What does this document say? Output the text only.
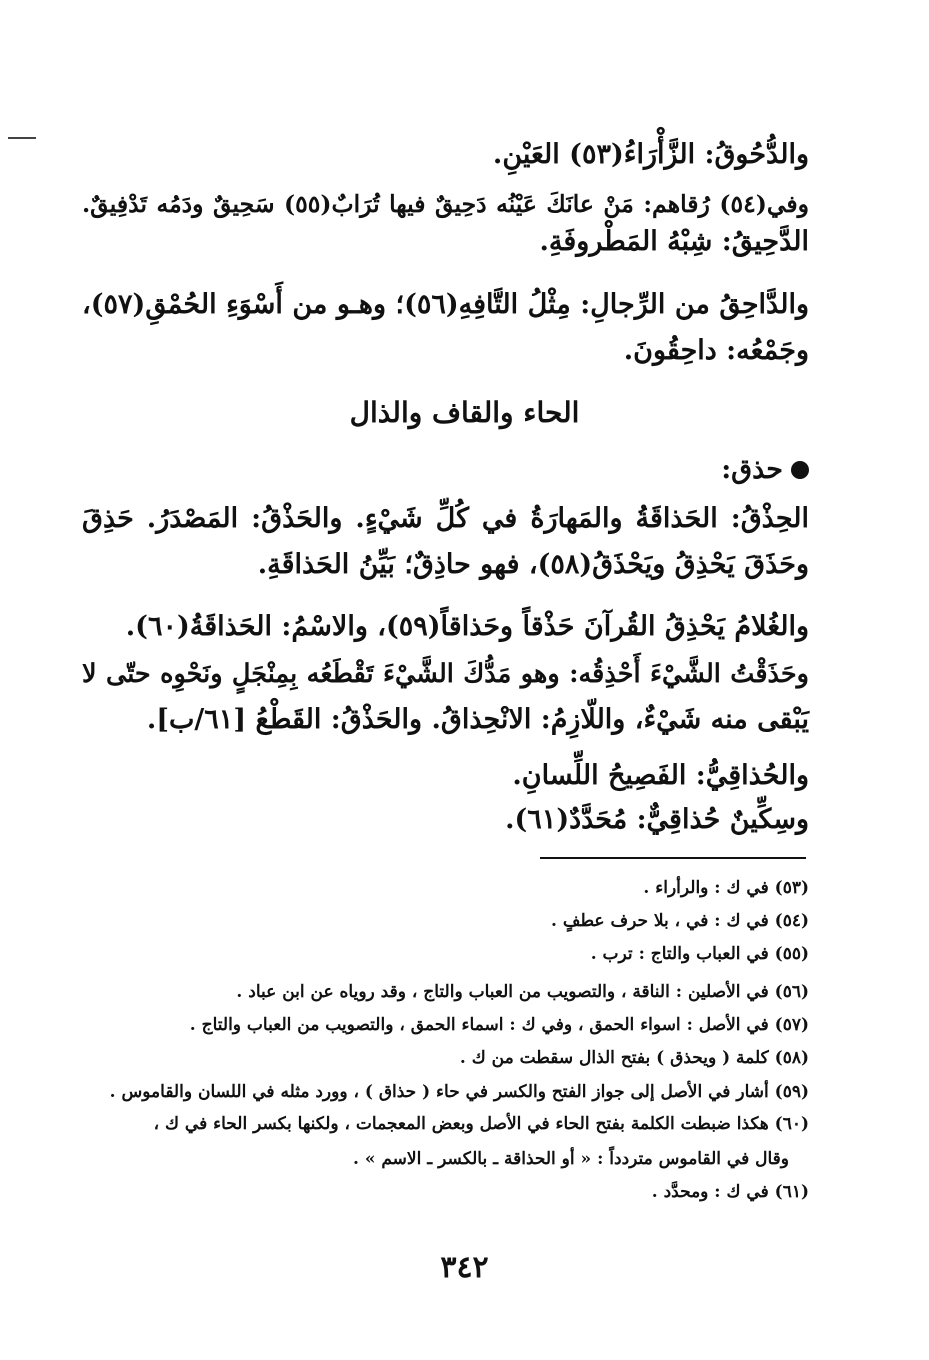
والدُّحُوقُ: الزَّأْرَاءُ(٥٣) العَيْنِ.
وفي(٥٤) رُقاهم: مَنْ عانَكَ عَيْنُه دَحِيقٌ فيها تُرَابٌ(٥٥) سَحِيقٌ ودَمُه تَدْفِيقٌ.
الدَّحِيقُ: شِبْهُ المَطْروفَةِ.
والدَّاحِقُ من الرِّجالِ: مِثْلُ التَّافِهِ(٥٦)؛ وهـو من أَسْوَءِ الحُمْقِ(٥٧)،
وجَمْعُه: داحِقُونَ.
الحاء والقاف والذال
حذق:
الحِذْقُ: الحَذاقَةُ والمَهارَةُ في كُلِّ شَيْءٍ. والحَذْقُ: المَصْدَرُ. حَذِقَ
وحَذَقَ يَحْذِقُ ويَحْذَقُ(٥٨)، فهو حاذِقٌ؛ بَيِّنُ الحَذاقَةِ.
والغُلامُ يَحْذِقُ القُرآنَ حَذْقاً وحَذاقاً(٥٩)، والاسْمُ: الحَذاقَةُ(٦٠).
وحَذَقْتُ الشَّيْءَ أَحْذِقُه: وهو مَدُّكَ الشَّيْءَ تَقْطَعُه بِمِنْجَلٍ ونَحْوِه حتّى لا
يَبْقى منه شَيْءٌ، واللّازِمُ: الانْحِذاقُ. والحَذْقُ: القَطْعُ [٦١/ب].
والحُذاقِيُّ: الفَصِيحُ اللِّسانِ.
وسِكِّينٌ حُذاقِيٌّ: مُحَدَّدٌ(٦١).
(٥٣) في ك : والرأراء .
(٥٤) في ك : في ، بلا حرف عطفٍ .
(٥٥) في العباب والتاج : ترب .
(٥٦) في الأصلين : الناقة ، والتصويب من العباب والتاج ، وقد روياه عن ابن عباد .
(٥٧) في الأصل : اسواء الحمق ، وفي ك : اسماء الحمق ، والتصويب من العباب والتاج .
(٥٨) كلمة ( ويحذق ) بفتح الذال سقطت من ك .
(٥٩) أشار في الأصل إلى جواز الفتح والكسر في حاء ( حذاق ) ، وورد مثله في اللسان والقاموس .
(٦٠) هكذا ضبطت الكلمة بفتح الحاء في الأصل وبعض المعجمات ، ولكنها بكسر الحاء في ك ،
وقال في القاموس متردداً : « أو الحذاقة ـ بالكسر ـ الاسم » .
(٦١) في ك : ومحدَّد .
٣٤٢
